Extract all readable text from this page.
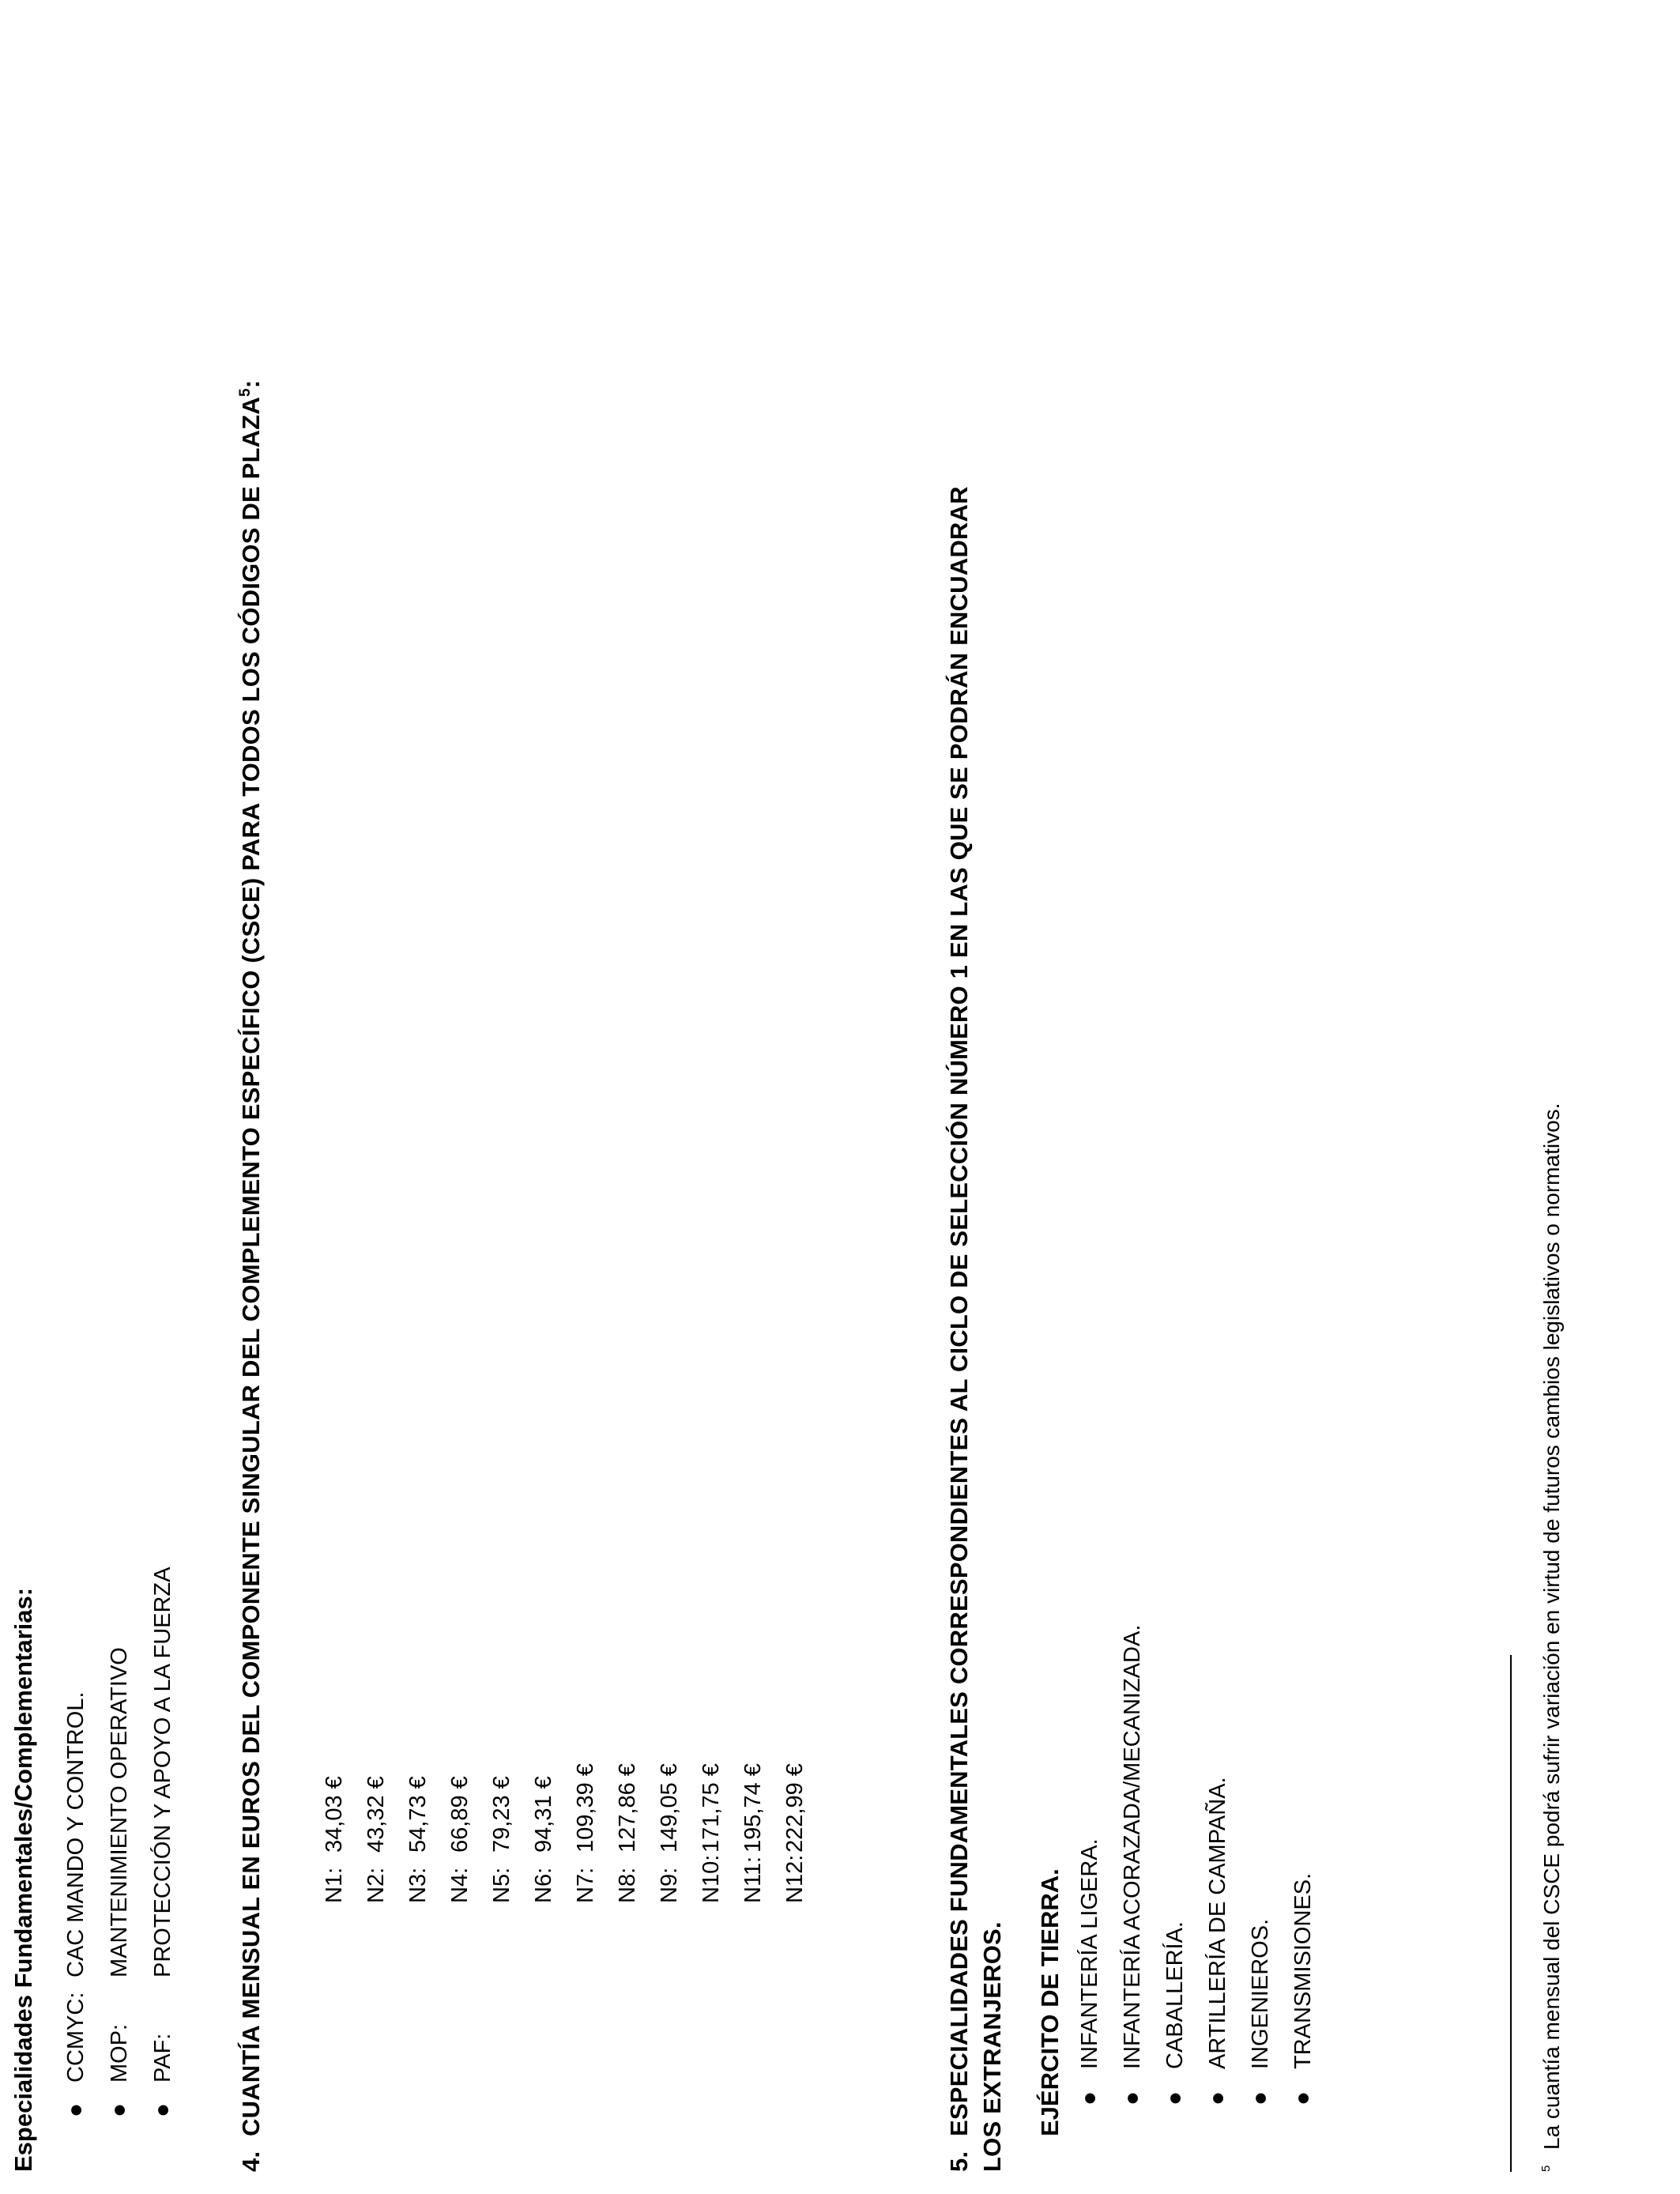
Especialidades Fundamentales/Complementarias: ●CCMYC:CAC MANDO Y CONTROL.
●MOP:MANTENIMIENTO OPERATIVO
●PAF:PROTECCIÓN Y APOYO A LA FUERZA
4.CUANTÍA MENSUAL EN EUROS DEL COMPONENTE SINGULAR DEL COMPLEMENTO ESPECÍFICO (CSCE) PARA TODOS LOS CÓDIGOS DE PLAZA$^5$:
N1:34,03 €
N2:43,32 €
N3:54,73 €
N4:66,89 €
N5:79,23 €
N6:94,31 €
N7:109,39 €
N8:127,86 €
N9:149,05 €
N10:171,75 €
N11:195,74 €
N12:222,99 €
5.ESPECIALIDADES FUNDAMENTALES CORRESPONDIENTES AL CICLO DE SELECCIÓN NÚMERO 1 EN LAS QUE SE PODRÁN ENCUADRAR LOS EXTRANJEROS. EJÉRCITO DE TIERRA. ●INFANTERÍA LIGERA.
●INFANTERÍA ACORAZADA/MECANIZADA.
●CABALLERÍA.
●ARTILLERÍA DE CAMPAÑA.
●INGENIEROS.
●TRANSMISIONES.
5La cuantía mensual del CSCE podrá sufrir variación en virtud de futuros cambios legislativos o normativos.
